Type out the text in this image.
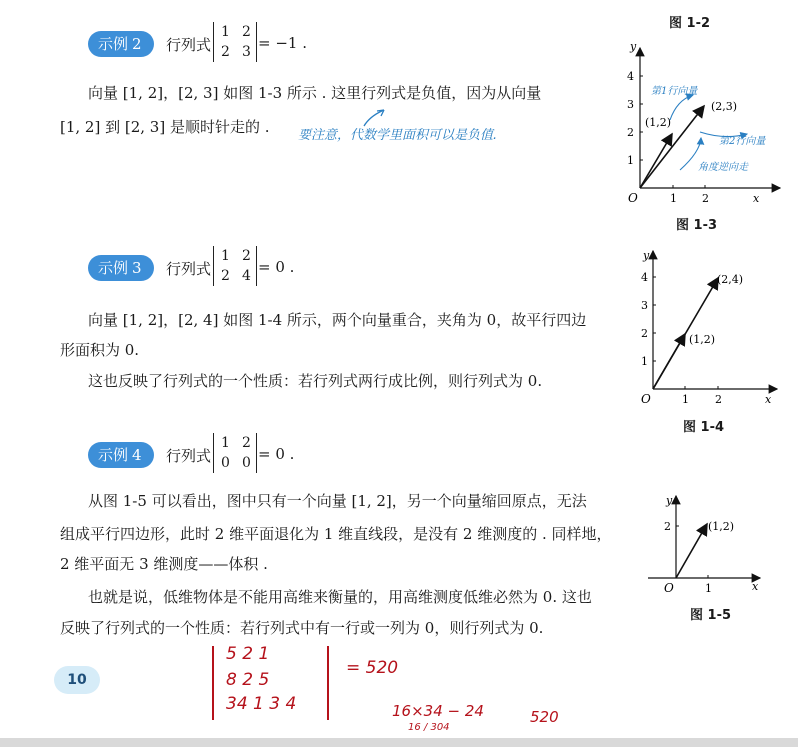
示例 2	行列式
1 2
2 3 = −1 .
向量 [1, 2]，[2, 3] 如图 1-3 所示 . 这里行列式是负值，因为从向量
[1, 2] 到 [2, 3] 是顺时针走的 . 要注意，代数学里面积可以是负值.
图 1-2
y
x
O
1
2
3
4
1 2
(1,2)
(2,3)
第1行向量
第2行向量
角度逆向走
图 1-3
示例 3	行列式
1 2
2 4 = 0 .
向量 [1, 2]，[2, 4] 如图 1-4 所示，两个向量重合，夹角为 0，故平行四边
形面积为 0.
这也反映了行列式的一个性质：若行列式两行成比例，则行列式为 0.
y
x
O
1
2
3
4
1 2
(1,2)
(2,4)
图 1-4
示例 4	行列式
1 2
0 0 = 0 .
从图 1-5 可以看出，图中只有一个向量 [1, 2]，另一个向量缩回原点，无法
组成平行四边形，此时 2 维平面退化为 1 维直线段，是没有 2 维测度的 . 同样地，
2 维平面无 3 维测度——体积 .
也就是说，低维物体是不能用高维来衡量的，用高维测度低维必然为 0. 这也
反映了行列式的一个性质：若行列式中有一行或一列为 0，则行列式为 0.
y
x
O
2
1
(1,2)
图 1-5
10
5 2 1
8 2 5
34 1 3 4
= 520
16×34 − 24
16 / 304
520
